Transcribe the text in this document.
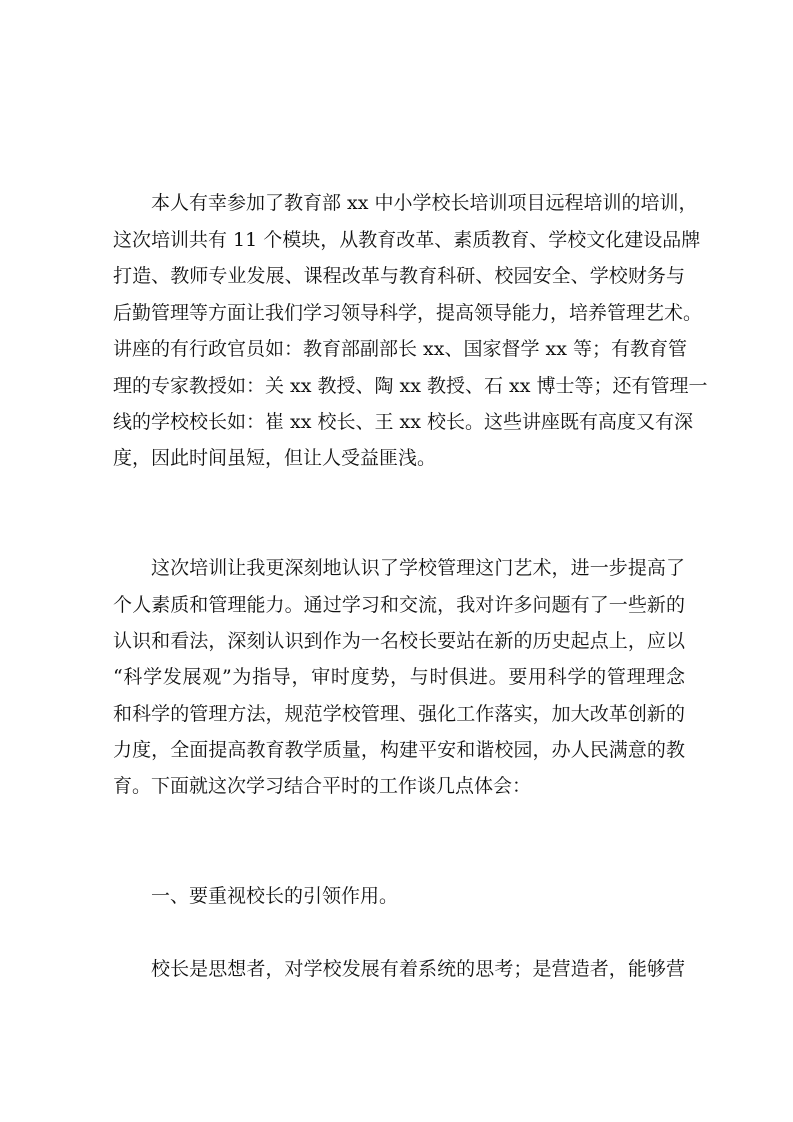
本人有幸参加了教育部 xx 中小学校长培训项目远程培训的培训，
这次培训共有 11 个模块，从教育改革、素质教育、学校文化建设品牌
打造、教师专业发展、课程改革与教育科研、校园安全、学校财务与
后勤管理等方面让我们学习领导科学，提高领导能力，培养管理艺术。
讲座的有行政官员如：教育部副部长 xx、国家督学 xx 等；有教育管
理的专家教授如：关 xx 教授、陶 xx 教授、石 xx 博士等；还有管理一
线的学校校长如：崔 xx 校长、王 xx 校长。这些讲座既有高度又有深
度，因此时间虽短，但让人受益匪浅。
这次培训让我更深刻地认识了学校管理这门艺术，进一步提高了
个人素质和管理能力。通过学习和交流，我对许多问题有了一些新的
认识和看法，深刻认识到作为一名校长要站在新的历史起点上，应以
“科学发展观”为指导，审时度势，与时俱进。要用科学的管理理念
和科学的管理方法，规范学校管理、强化工作落实，加大改革创新的
力度，全面提高教育教学质量，构建平安和谐校园，办人民满意的教
育。下面就这次学习结合平时的工作谈几点体会：
一、要重视校长的引领作用。
校长是思想者，对学校发展有着系统的思考；是营造者，能够营
